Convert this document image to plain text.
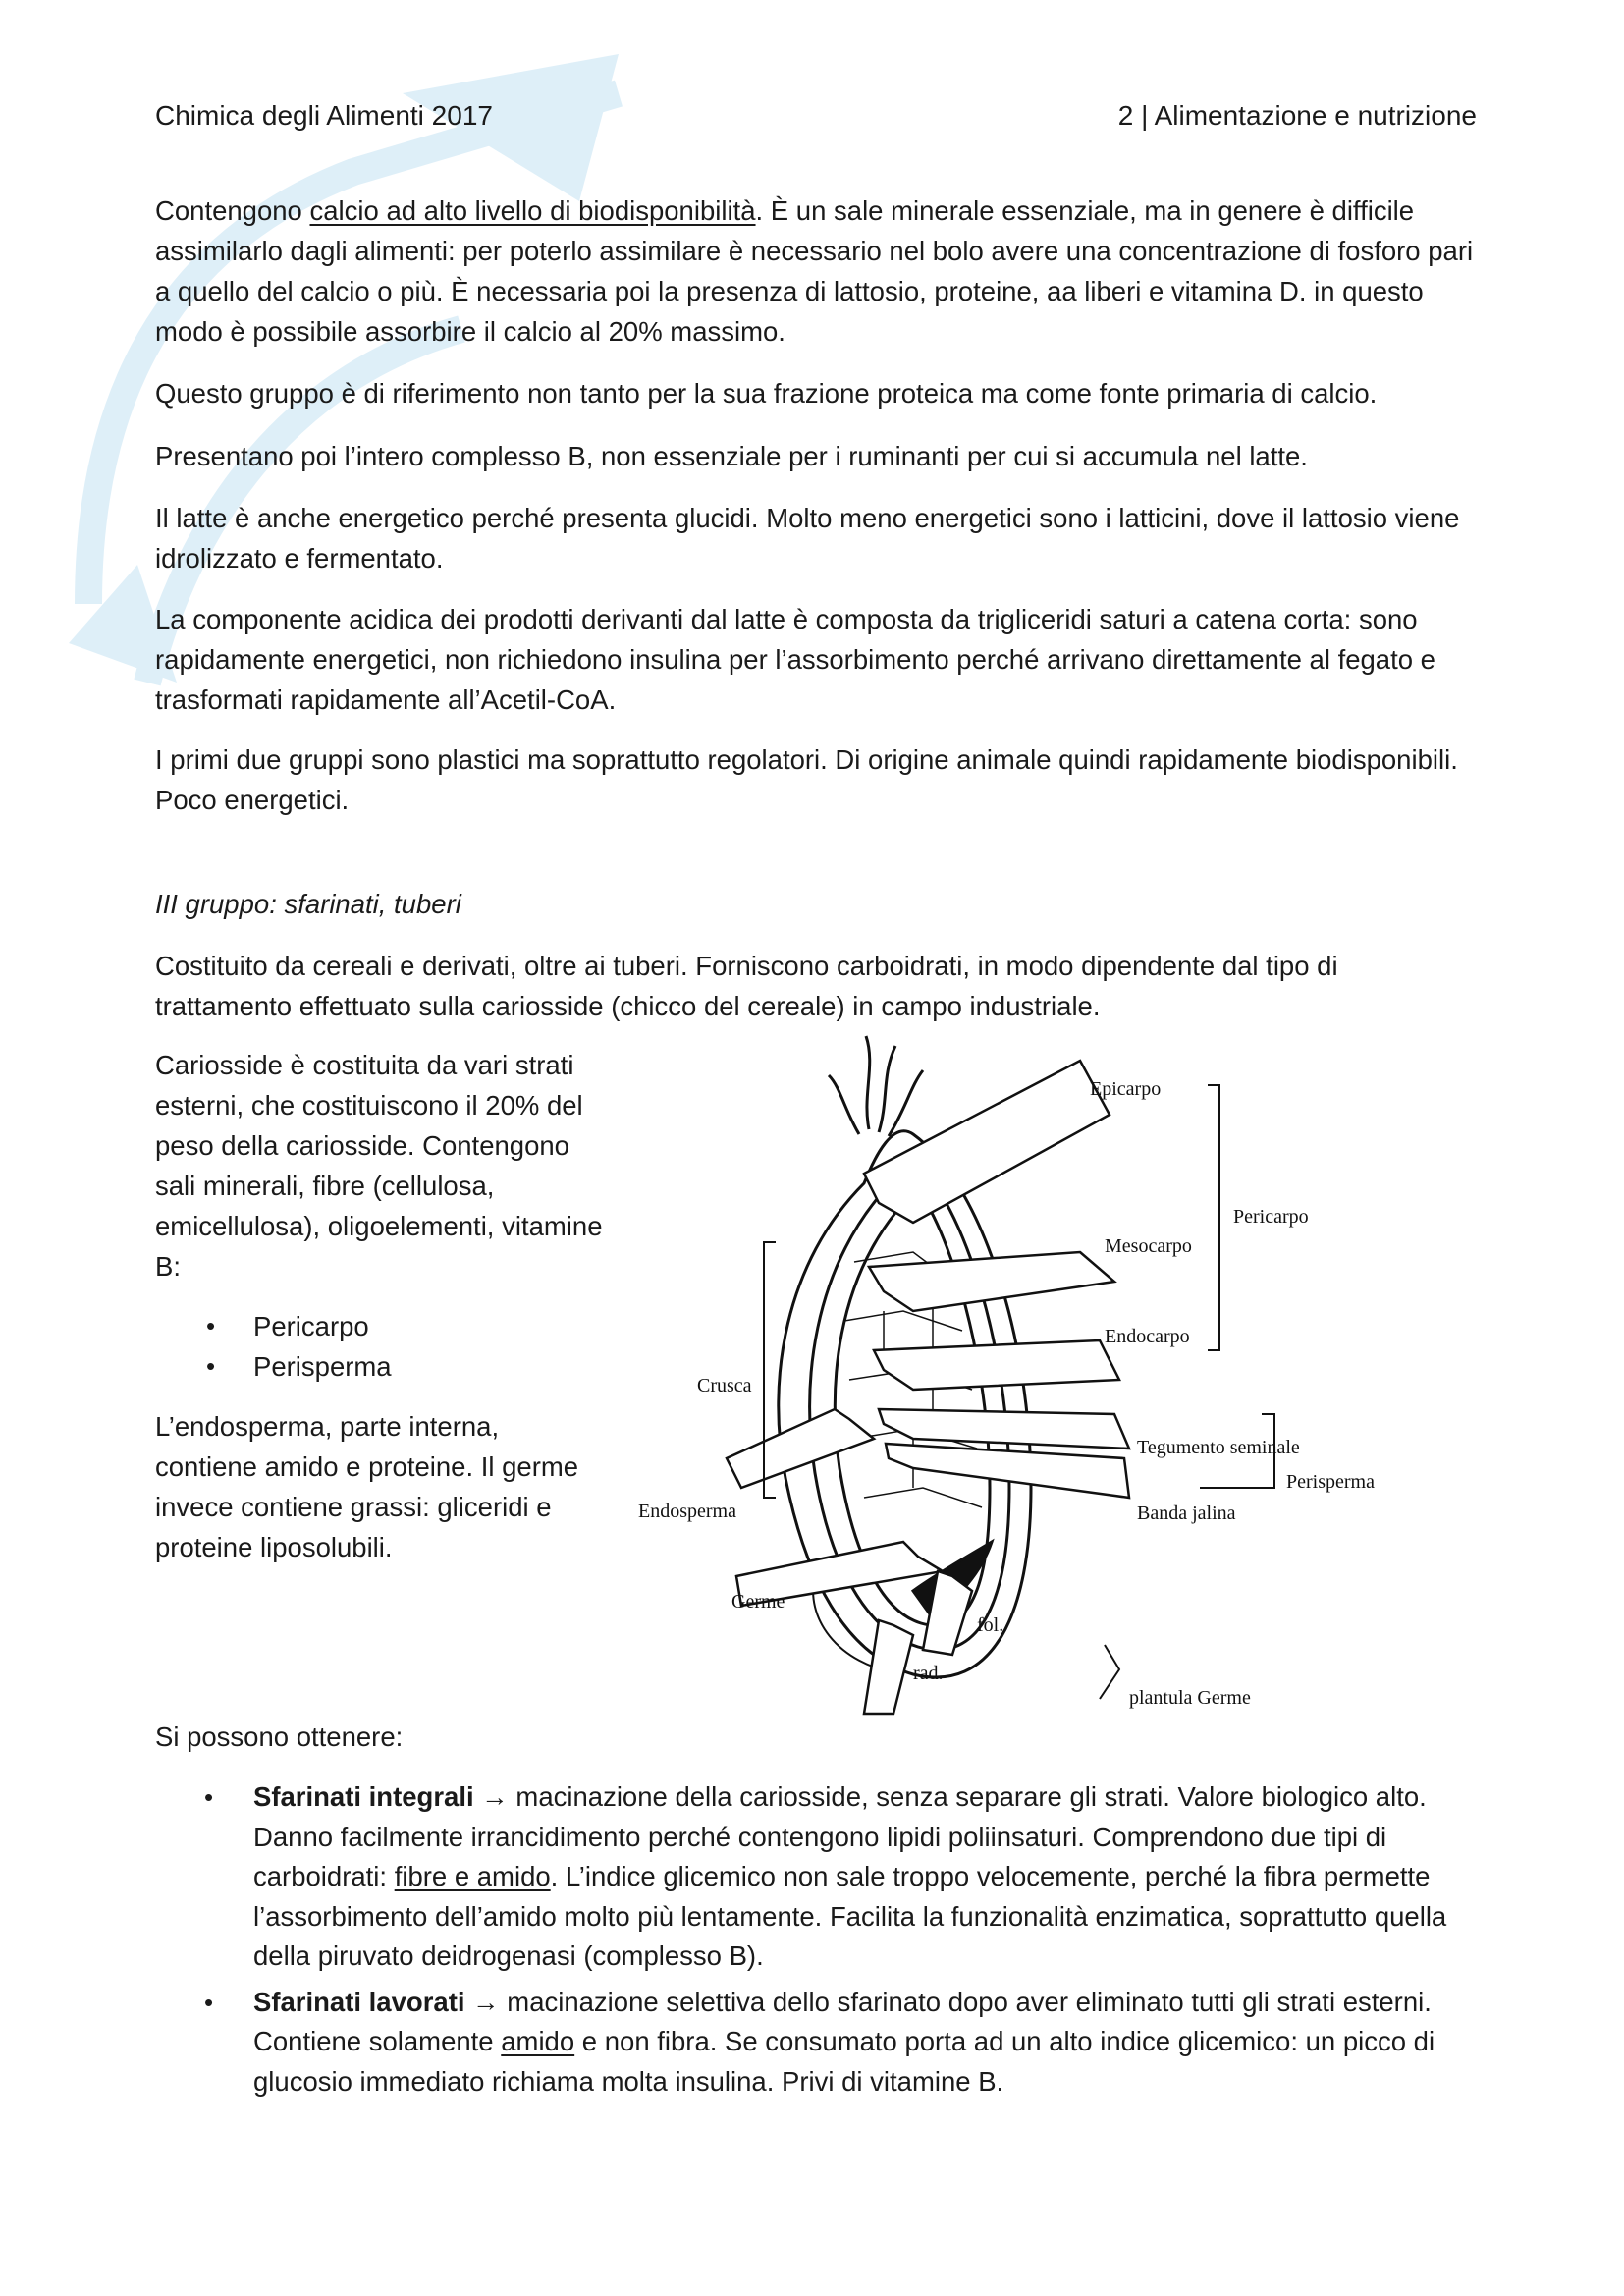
Chimica degli Alimenti 2017	2 | Alimentazione e nutrizione

Contengono calcio ad alto livello di biodisponibilità. È un sale minerale essenziale, ma in genere è difficile assimilarlo dagli alimenti: per poterlo assimilare è necessario nel bolo avere una concentrazione di fosforo pari a quello del calcio o più. È necessaria poi la presenza di lattosio, proteine, aa liberi e vitamina D. in questo modo è possibile assorbire il calcio al 20% massimo.

Questo gruppo è di riferimento non tanto per la sua frazione proteica ma come fonte primaria di calcio.

Presentano poi l’intero complesso B, non essenziale per i ruminanti per cui si accumula nel latte.

Il latte è anche energetico perché presenta glucidi. Molto meno energetici sono i latticini, dove il lattosio viene idrolizzato e fermentato.

La componente acidica dei prodotti derivanti dal latte è composta da trigliceridi saturi a catena corta: sono rapidamente energetici, non richiedono insulina per l’assorbimento perché arrivano direttamente al fegato e trasformati rapidamente all’Acetil-CoA.

I primi due gruppi sono plastici ma soprattutto regolatori. Di origine animale quindi rapidamente biodisponibili. Poco energetici.

III gruppo: sfarinati, tuberi

Costituito da cereali e derivati, oltre ai tuberi. Forniscono carboidrati, in modo dipendente dal tipo di trattamento effettuato sulla cariosside (chicco del cereale) in campo industriale.

Cariosside è costituita da vari strati esterni, che costituiscono il 20% del peso della cariosside. Contengono sali minerali, fibre (cellulosa, emicellulosa), oligoelementi, vitamine B:

• Pericarpo
• Perisperma

L’endosperma, parte interna, contiene amido e proteine. Il germe invece contiene grassi: gliceridi e proteine liposolubili.

Epicarpo
Pericarpo
Mesocarpo
Endocarpo
Crusca
Tegumento seminale
Perisperma
Endosperma	Banda jalina
Germe
fol.
rad.
plantula Germe

Si possono ottenere:

• Sfarinati integrali → macinazione della cariosside, senza separare gli strati. Valore biologico alto. Danno facilmente irrancidimento perché contengono lipidi poliinsaturi. Comprendono due tipi di carboidrati: fibre e amido. L’indice glicemico non sale troppo velocemente, perché la fibra permette l’assorbimento dell’amido molto più lentamente. Facilita la funzionalità enzimatica, soprattutto quella della piruvato deidrogenasi (complesso B).
• Sfarinati lavorati → macinazione selettiva dello sfarinato dopo aver eliminato tutti gli strati esterni. Contiene solamente amido e non fibra. Se consumato porta ad un alto indice glicemico: un picco di glucosio immediato richiama molta insulina. Privi di vitamine B.
